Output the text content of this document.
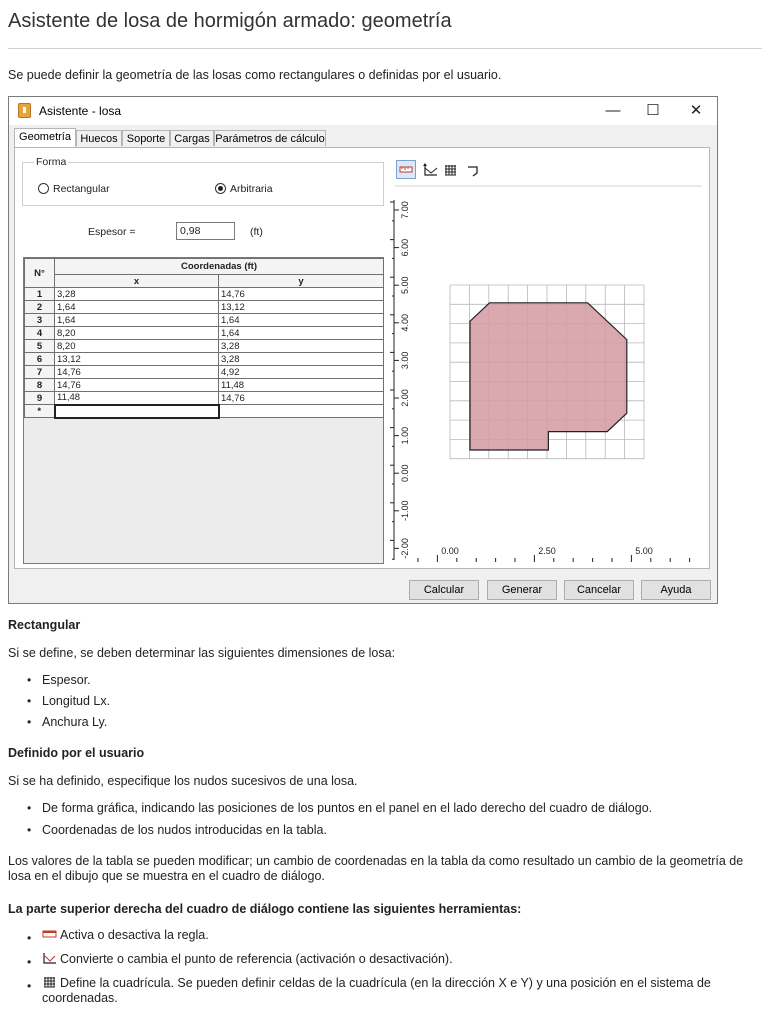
Asistente de losa de hormigón armado: geometría
Se puede definir la geometría de las losas como rectangulares o definidas por el usuario.
Asistente - losa	—	☐	✕
Geometría Huecos Soporte Cargas Parámetros de cálculo
Forma
Rectangular	Arbitraria
Espesor =	0,98	(ft)
N°	Coordenadas (ft)	
	x	y
1	3,28	14,76
2	1,64	13,12
3	1,64	1,64
4	8,20	1,64
5	8,20	3,28
6	13,12	3,28
7	14,76	4,92
8	14,76	11,48
9	11,48	14,76
*		
7.00
6.00
5.00
4.00
3.00
2.00
1.00
0.00
-1.00
-2.00	0.00	2.50	5.00
Calcular	Generar	Cancelar	Ayuda
Rectangular
Si se define, se deben determinar las siguientes dimensiones de losa:
• Espesor.
• Longitud Lx.
• Anchura Ly.
Definido por el usuario
Si se ha definido, especifique los nudos sucesivos de una losa.
• De forma gráfica, indicando las posiciones de los puntos en el panel en el lado derecho del cuadro de diálogo.
• Coordenadas de los nudos introducidas en la tabla.
Los valores de la tabla se pueden modificar; un cambio de coordenadas en la tabla da como resultado un cambio de la geometría de losa en el dibujo que se muestra en el cuadro de diálogo.
La parte superior derecha del cuadro de diálogo contiene las siguientes herramientas:
•	Activa o desactiva la regla.
•	Convierte o cambia el punto de referencia (activación o desactivación).
•	Define la cuadrícula. Se pueden definir celdas de la cuadrícula (en la dirección X e Y) y una posición en el sistema de coordenadas.
